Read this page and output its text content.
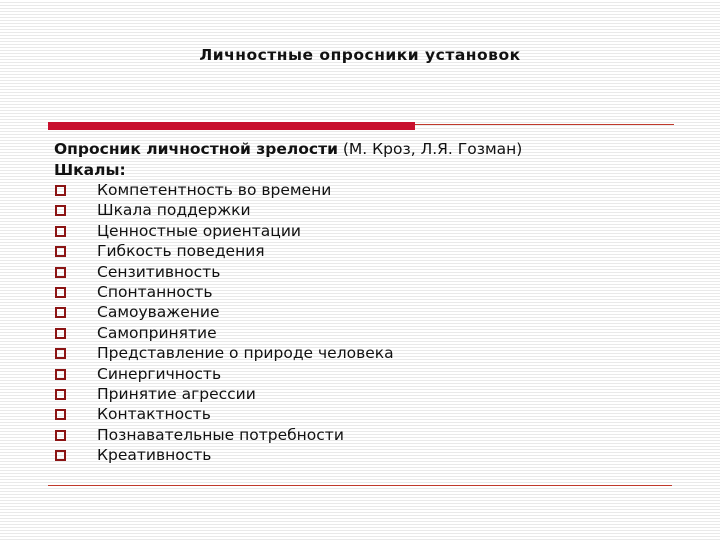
Личностные опросники установок
Опросник личностной зрелости (М. Кроз, Л.Я. Гозман)
Шкалы:
Компетентность во времени
Шкала поддержки
Ценностные ориентации
Гибкость поведения
Сензитивность
Спонтанность
Самоуважение
Самопринятие
Представление о природе человека
Синергичность
Принятие агрессии
Контактность
Познавательные потребности
Креативность
